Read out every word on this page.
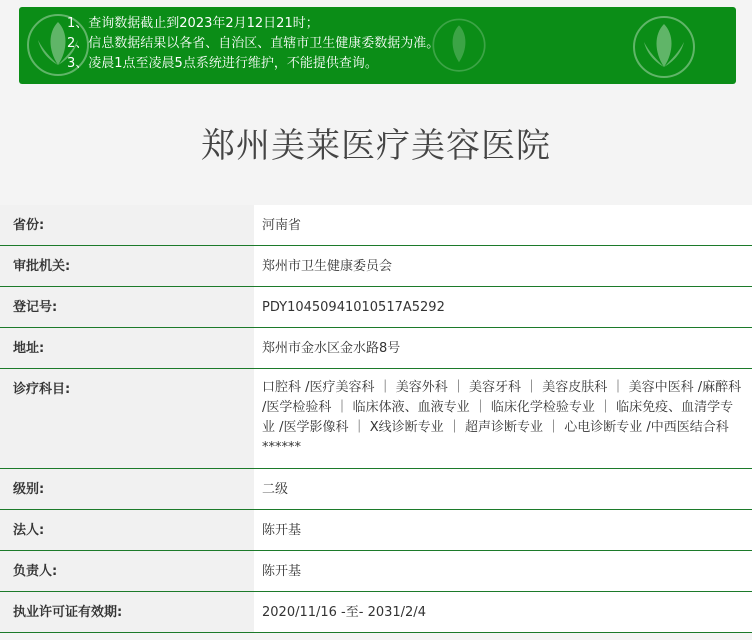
1、查询数据截止到2023年2月12日21时；
2、信息数据结果以各省、自治区、直辖市卫生健康委数据为准。
3、凌晨1点至凌晨5点系统进行维护，不能提供查询。
郑州美莱医疗美容医院
省份:	河南省
审批机关:	郑州市卫生健康委员会
登记号:	PDY10450941010517A5292
地址:	郑州市金水区金水路8号
诊疗科目:	口腔科 /医疗美容科 ｜ 美容外科 ｜ 美容牙科 ｜ 美容皮肤科 ｜ 美容中医科 /麻醉科 /医学检验科 ｜ 临床体液、血液专业 ｜ 临床化学检验专业 ｜ 临床免疫、血清学专业 /医学影像科 ｜ X线诊断专业 ｜ 超声诊断专业 ｜ 心电诊断专业 /中西医结合科******
级别:	二级
法人:	陈开基
负责人:	陈开基
执业许可证有效期:	2020/11/16 -至- 2031/2/4
